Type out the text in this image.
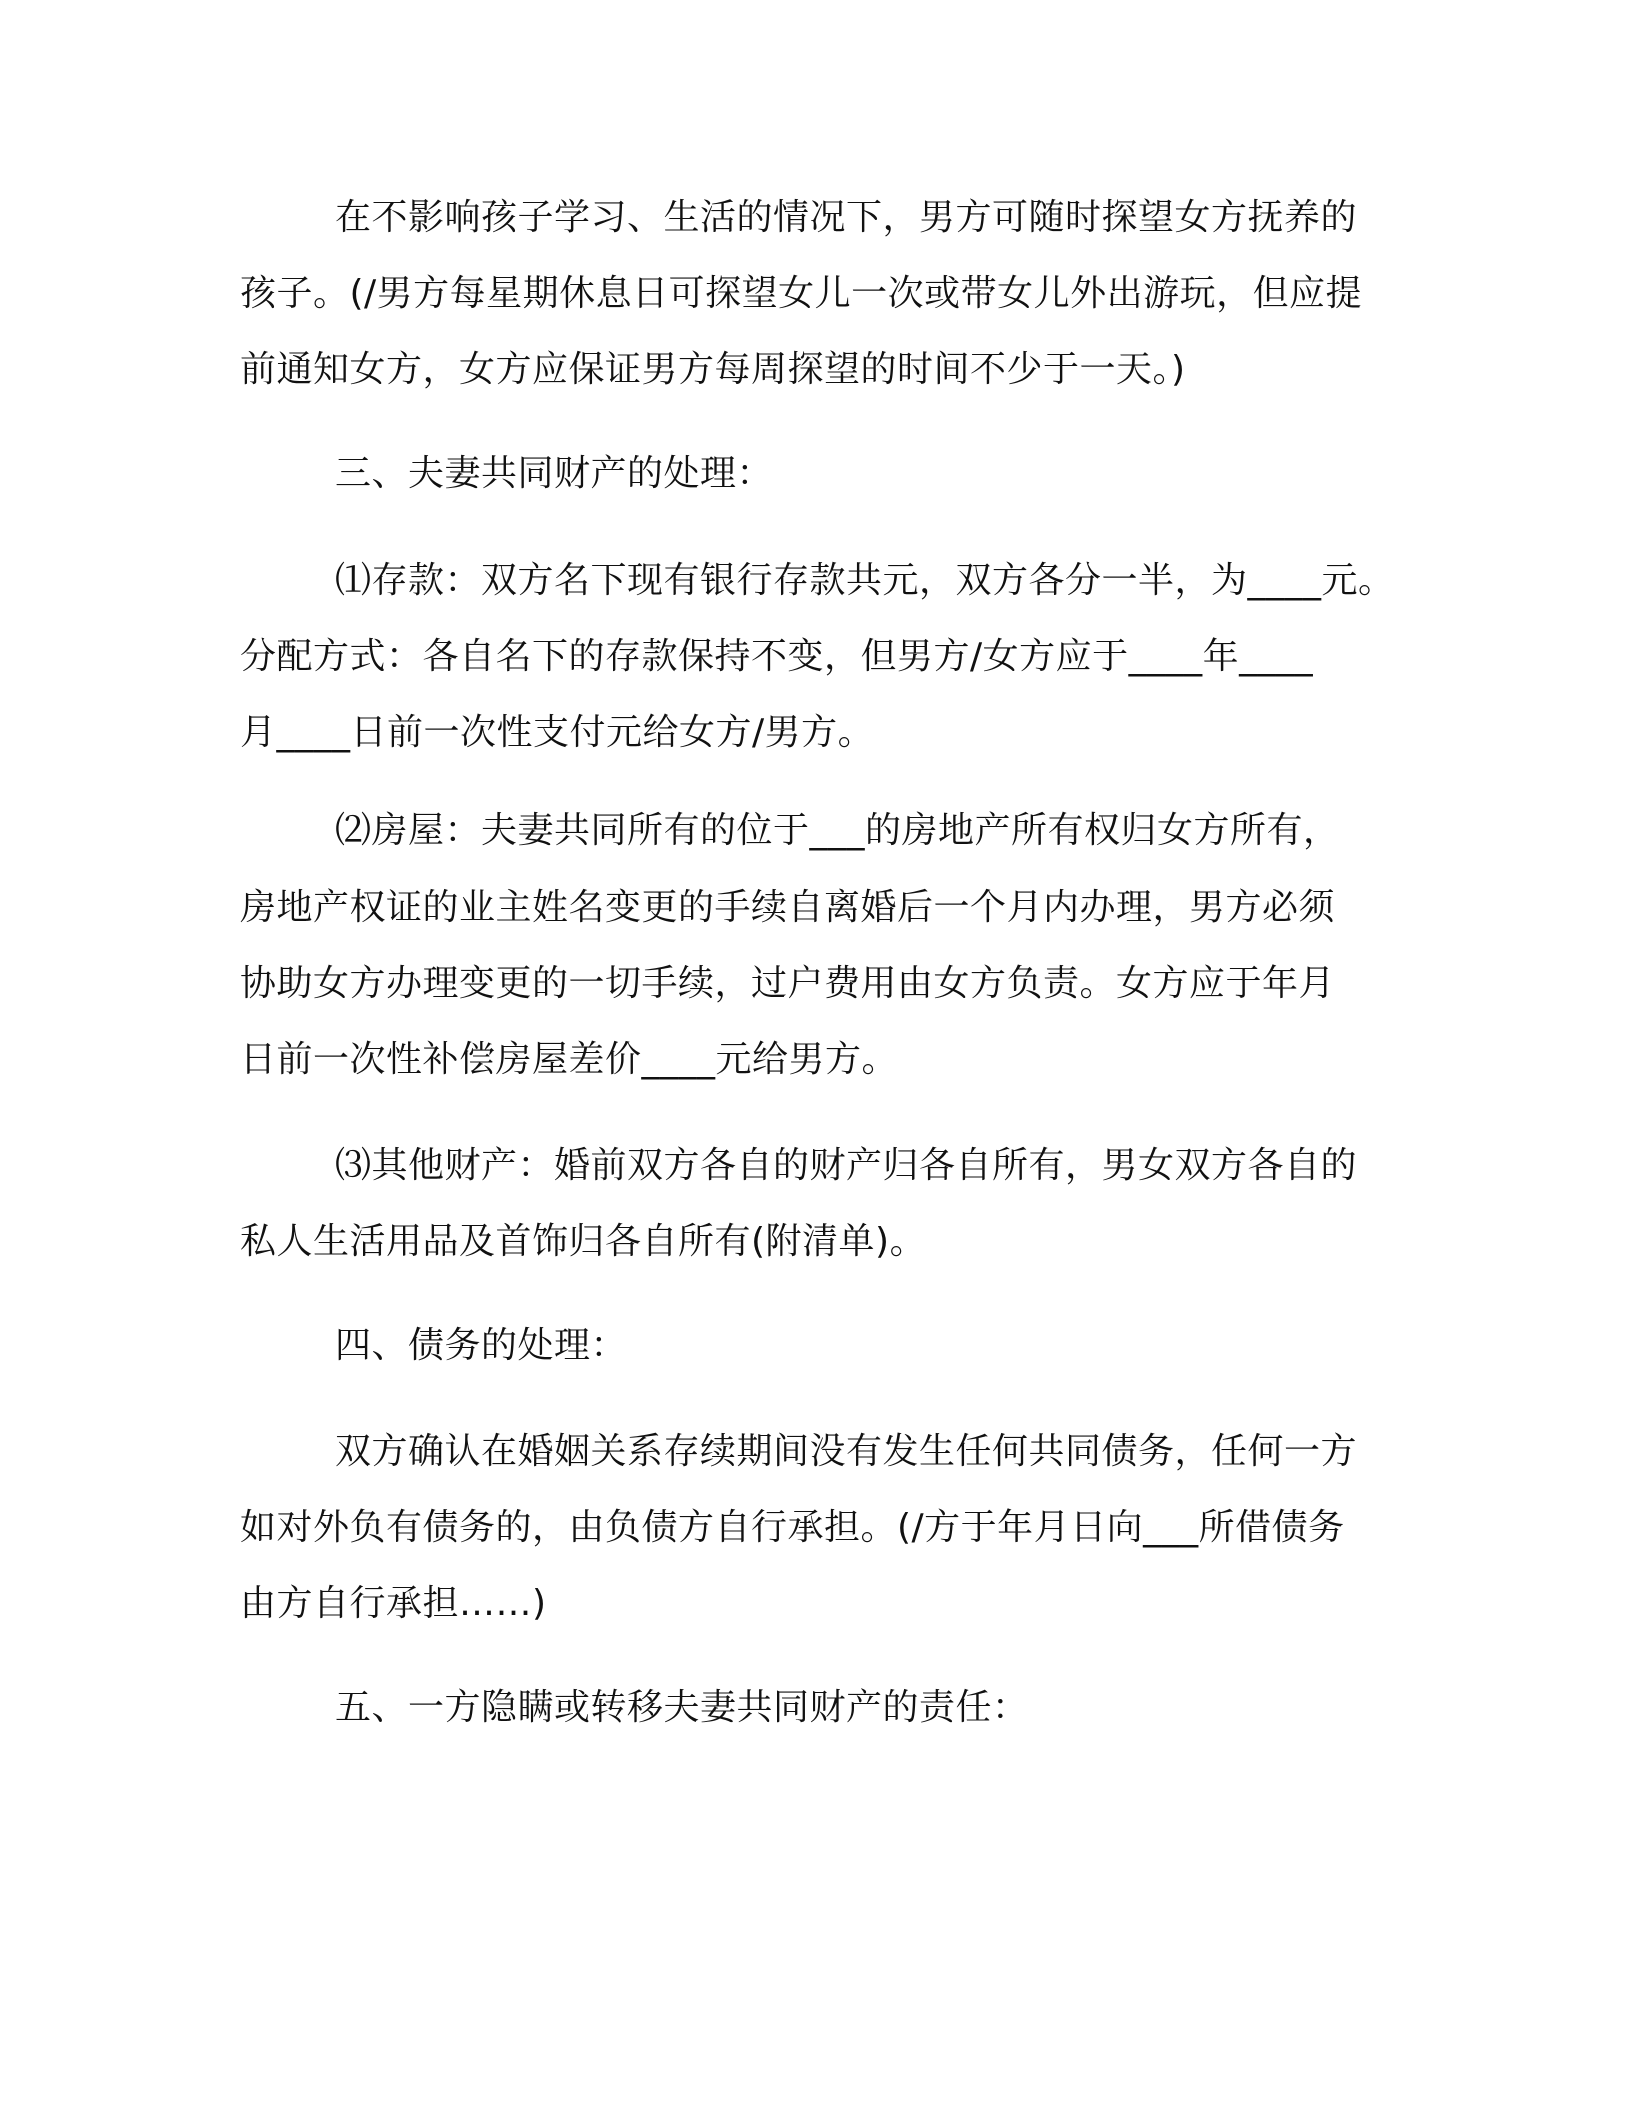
在不影响孩子学习、生活的情况下，男方可随时探望女方抚养的
孩子。(/男方每星期休息日可探望女儿一次或带女儿外出游玩，但应提
前通知女方，女方应保证男方每周探望的时间不少于一天。)
三、夫妻共同财产的处理：
⑴存款：双方名下现有银行存款共元，双方各分一半，为____元。
分配方式：各自名下的存款保持不变，但男方/女方应于____年____
月____日前一次性支付元给女方/男方。
⑵房屋：夫妻共同所有的位于___的房地产所有权归女方所有，
房地产权证的业主姓名变更的手续自离婚后一个月内办理，男方必须
协助女方办理变更的一切手续，过户费用由女方负责。女方应于年月
日前一次性补偿房屋差价____元给男方。
⑶其他财产：婚前双方各自的财产归各自所有，男女双方各自的
私人生活用品及首饰归各自所有(附清单)。
四、债务的处理：
双方确认在婚姻关系存续期间没有发生任何共同债务，任何一方
如对外负有债务的，由负债方自行承担。(/方于年月日向___所借债务
由方自行承担……)
五、一方隐瞒或转移夫妻共同财产的责任：
